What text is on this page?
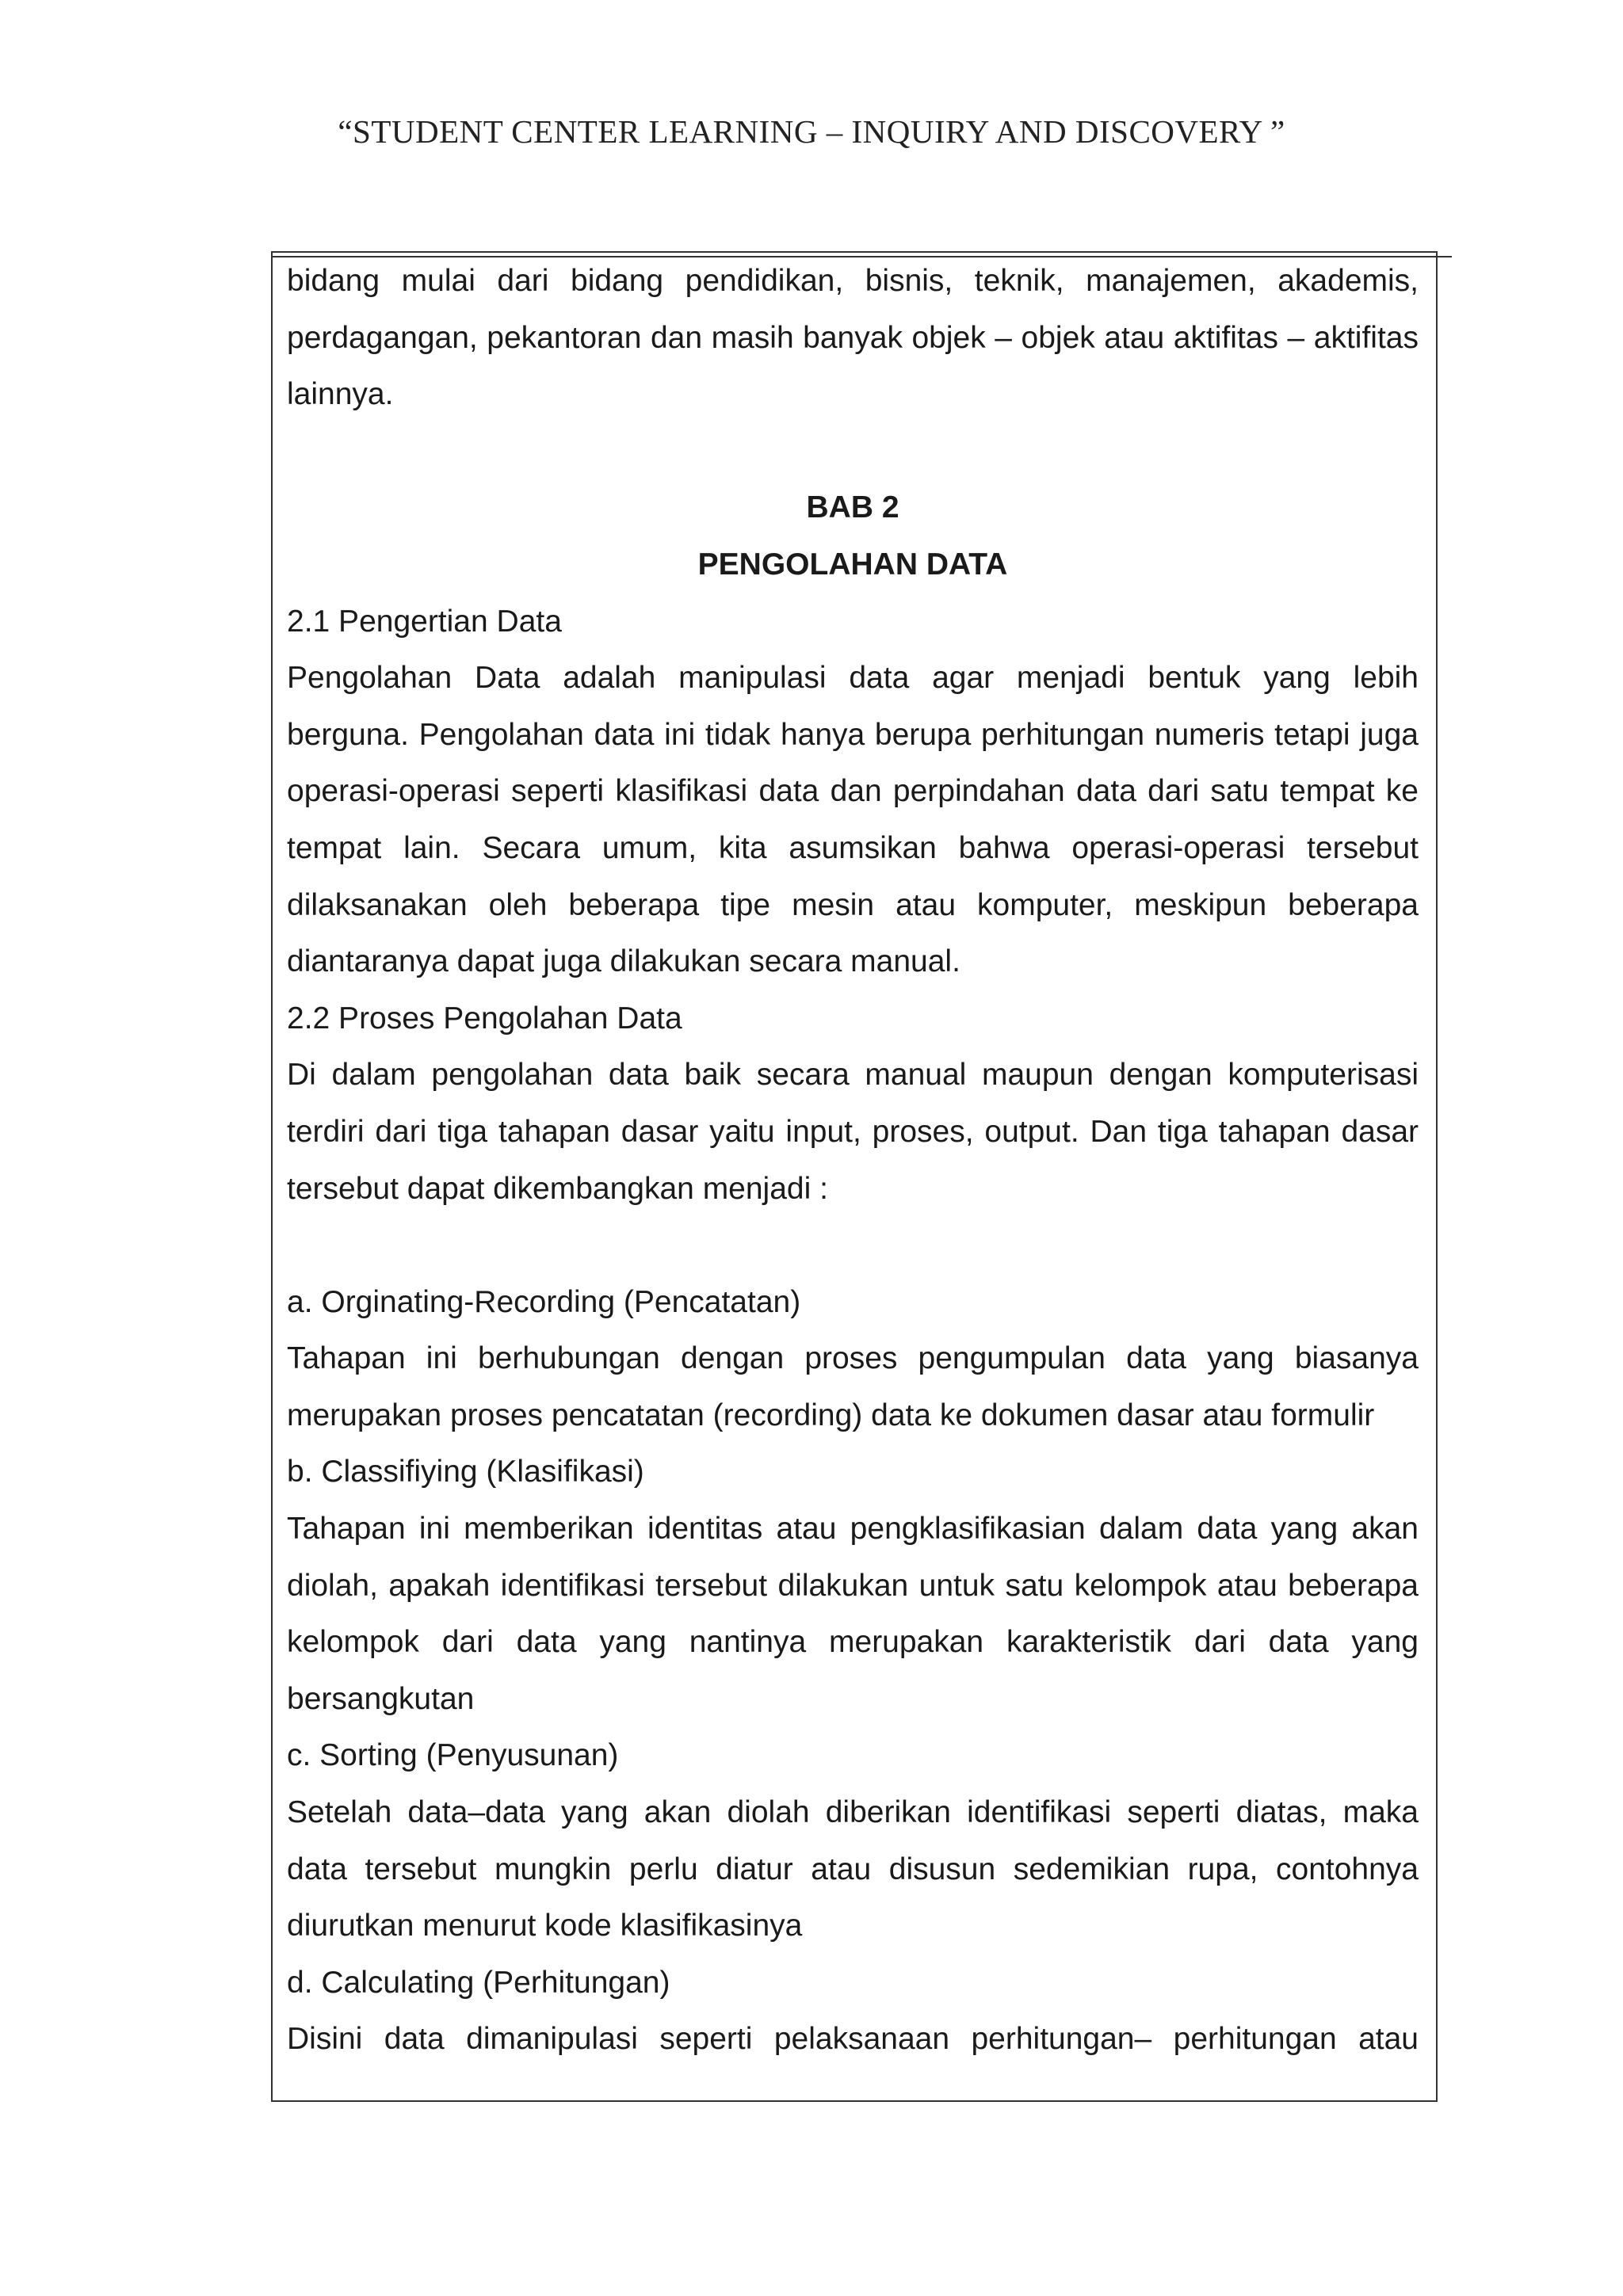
“STUDENT CENTER LEARNING – INQUIRY AND DISCOVERY ”

bidang mulai dari bidang pendidikan, bisnis, teknik, manajemen, akademis, perdagangan, pekantoran dan masih banyak objek – objek atau aktifitas – aktifitas lainnya.

BAB 2

PENGOLAHAN DATA

2.1 Pengertian Data

Pengolahan Data adalah manipulasi data agar menjadi bentuk yang lebih berguna. Pengolahan data ini tidak hanya berupa perhitungan numeris tetapi juga operasi-operasi seperti klasifikasi data dan perpindahan data dari satu tempat ke tempat lain. Secara umum, kita asumsikan bahwa operasi-operasi tersebut dilaksanakan oleh beberapa tipe mesin atau komputer, meskipun beberapa diantaranya dapat juga dilakukan secara manual.

2.2 Proses Pengolahan Data

Di dalam pengolahan data baik secara manual maupun dengan komputerisasi terdiri dari tiga tahapan dasar yaitu input, proses, output. Dan tiga tahapan dasar tersebut dapat dikembangkan menjadi :

a. Orginating-Recording (Pencatatan)

Tahapan ini berhubungan dengan proses pengumpulan data yang biasanya merupakan proses pencatatan (recording) data ke dokumen dasar atau formulir

b. Classifiying (Klasifikasi)

Tahapan ini memberikan identitas atau pengklasifikasian dalam data yang akan diolah, apakah identifikasi tersebut dilakukan untuk satu kelompok atau beberapa kelompok dari data yang nantinya merupakan karakteristik dari data yang bersangkutan

c. Sorting (Penyusunan)

Setelah data–data yang akan diolah diberikan identifikasi seperti diatas, maka data tersebut mungkin perlu diatur atau disusun sedemikian rupa, contohnya diurutkan menurut kode klasifikasinya

d. Calculating (Perhitungan)

Disini data dimanipulasi seperti pelaksanaan perhitungan– perhitungan atau
